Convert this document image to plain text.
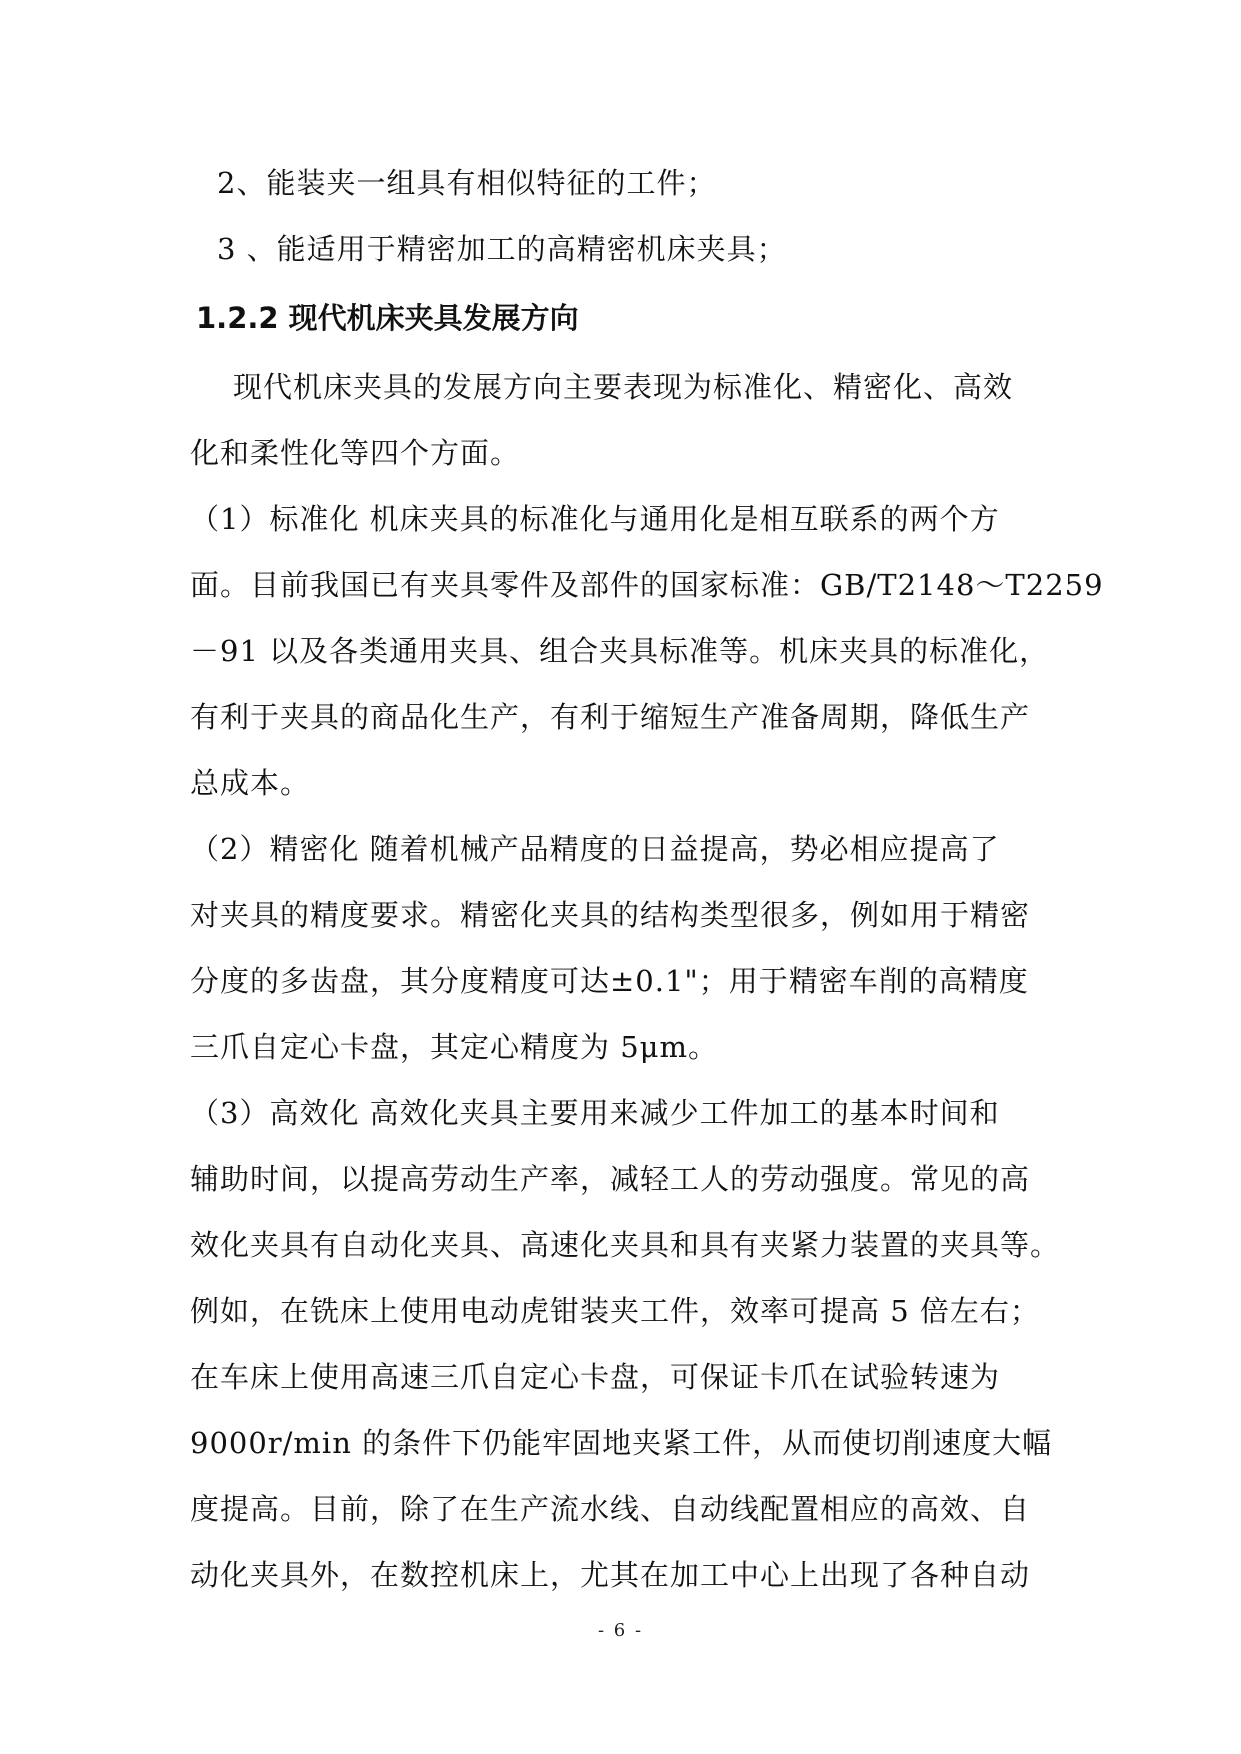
2、能装夹一组具有相似特征的工件；
3 、能适用于精密加工的高精密机床夹具；
1.2.2 现代机床夹具发展方向
现代机床夹具的发展方向主要表现为标准化、精密化、高效
化和柔性化等四个方面。
（1）标准化 机床夹具的标准化与通用化是相互联系的两个方
面。目前我国已有夹具零件及部件的国家标准：GB/T2148～T2259
－91 以及各类通用夹具、组合夹具标准等。机床夹具的标准化，
有利于夹具的商品化生产，有利于缩短生产准备周期，降低生产
总成本。
（2）精密化 随着机械产品精度的日益提高，势必相应提高了
对夹具的精度要求。精密化夹具的结构类型很多，例如用于精密
分度的多齿盘，其分度精度可达±0.1"；用于精密车削的高精度
三爪自定心卡盘，其定心精度为 5μm。
（3）高效化 高效化夹具主要用来减少工件加工的基本时间和
辅助时间，以提高劳动生产率，减轻工人的劳动强度。常见的高
效化夹具有自动化夹具、高速化夹具和具有夹紧力装置的夹具等。
例如，在铣床上使用电动虎钳装夹工件，效率可提高 5 倍左右；
在车床上使用高速三爪自定心卡盘，可保证卡爪在试验转速为
9000r/min 的条件下仍能牢固地夹紧工件，从而使切削速度大幅
度提高。目前，除了在生产流水线、自动线配置相应的高效、自
动化夹具外，在数控机床上，尤其在加工中心上出现了各种自动
- 6 -
